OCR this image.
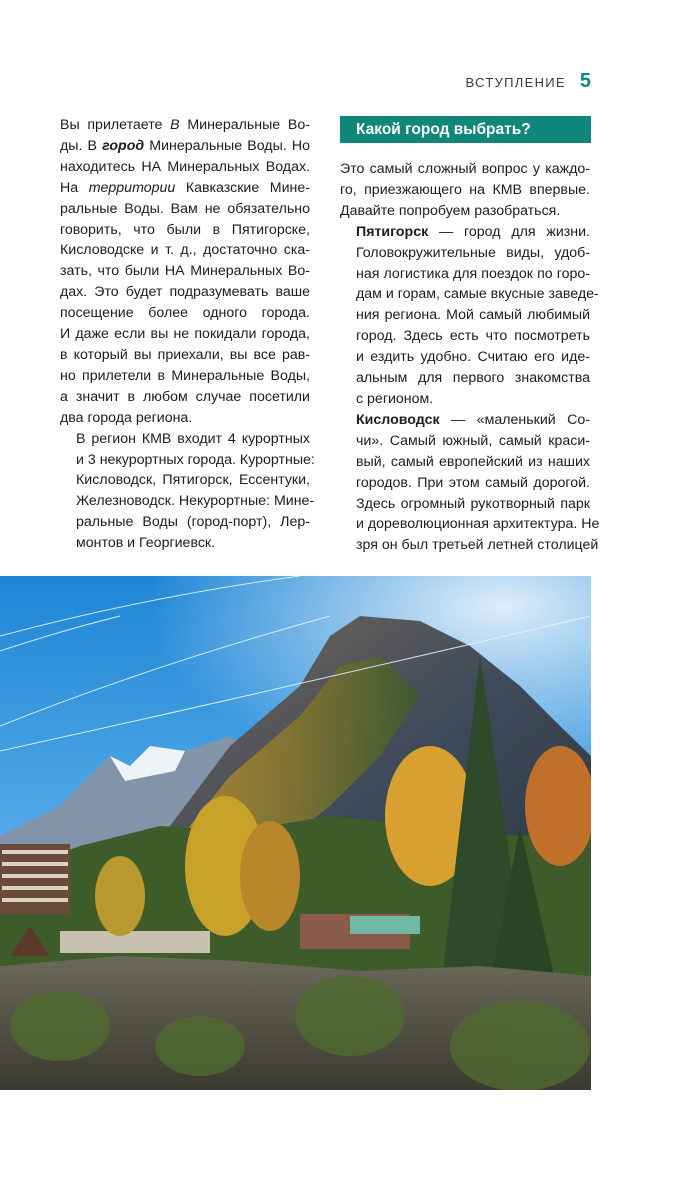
ВСТУПЛЕНИЕ 5

Вы прилетаете В Минеральные Во-
ды. В город Минеральные Воды. Но
находитесь НА Минеральных Водах.
На территории Кавказские Мине-
ральные Воды. Вам не обязательно
говорить, что были в Пятигорске,
Кисловодске и т. д., достаточно ска-
зать, что были НА Минеральных Во-
дах. Это будет подразумевать ваше
посещение более одного города.
И даже если вы не покидали города,
в который вы приехали, вы все рав-
но прилетели в Минеральные Воды,
а значит в любом случае посетили
два города региона.

В регион КМВ входит 4 курортных
и 3 некурортных города. Курортные:
Кисловодск, Пятигорск, Ессентуки,
Железноводск. Некурортные: Мине-
ральные Воды (город-порт), Лер-
монтов и Георгиевск.

Какой город выбрать?

Это самый сложный вопрос у каждо-
го, приезжающего на КМВ впервые.
Давайте попробуем разобраться.

Пятигорск — город для жизни.
Головокружительные виды, удоб-
ная логистика для поездок по горо-
дам и горам, самые вкусные заведе-
ния региона. Мой самый любимый
город. Здесь есть что посмотреть
и ездить удобно. Считаю его иде-
альным для первого знакомства
с регионом.

Кисловодск — «маленький Со-
чи». Самый южный, самый краси-
вый, самый европейский из наших
городов. При этом самый дорогой.
Здесь огромный рукотворный парк
и дореволюционная архитектура. Не
зря он был третьей летней столицей
